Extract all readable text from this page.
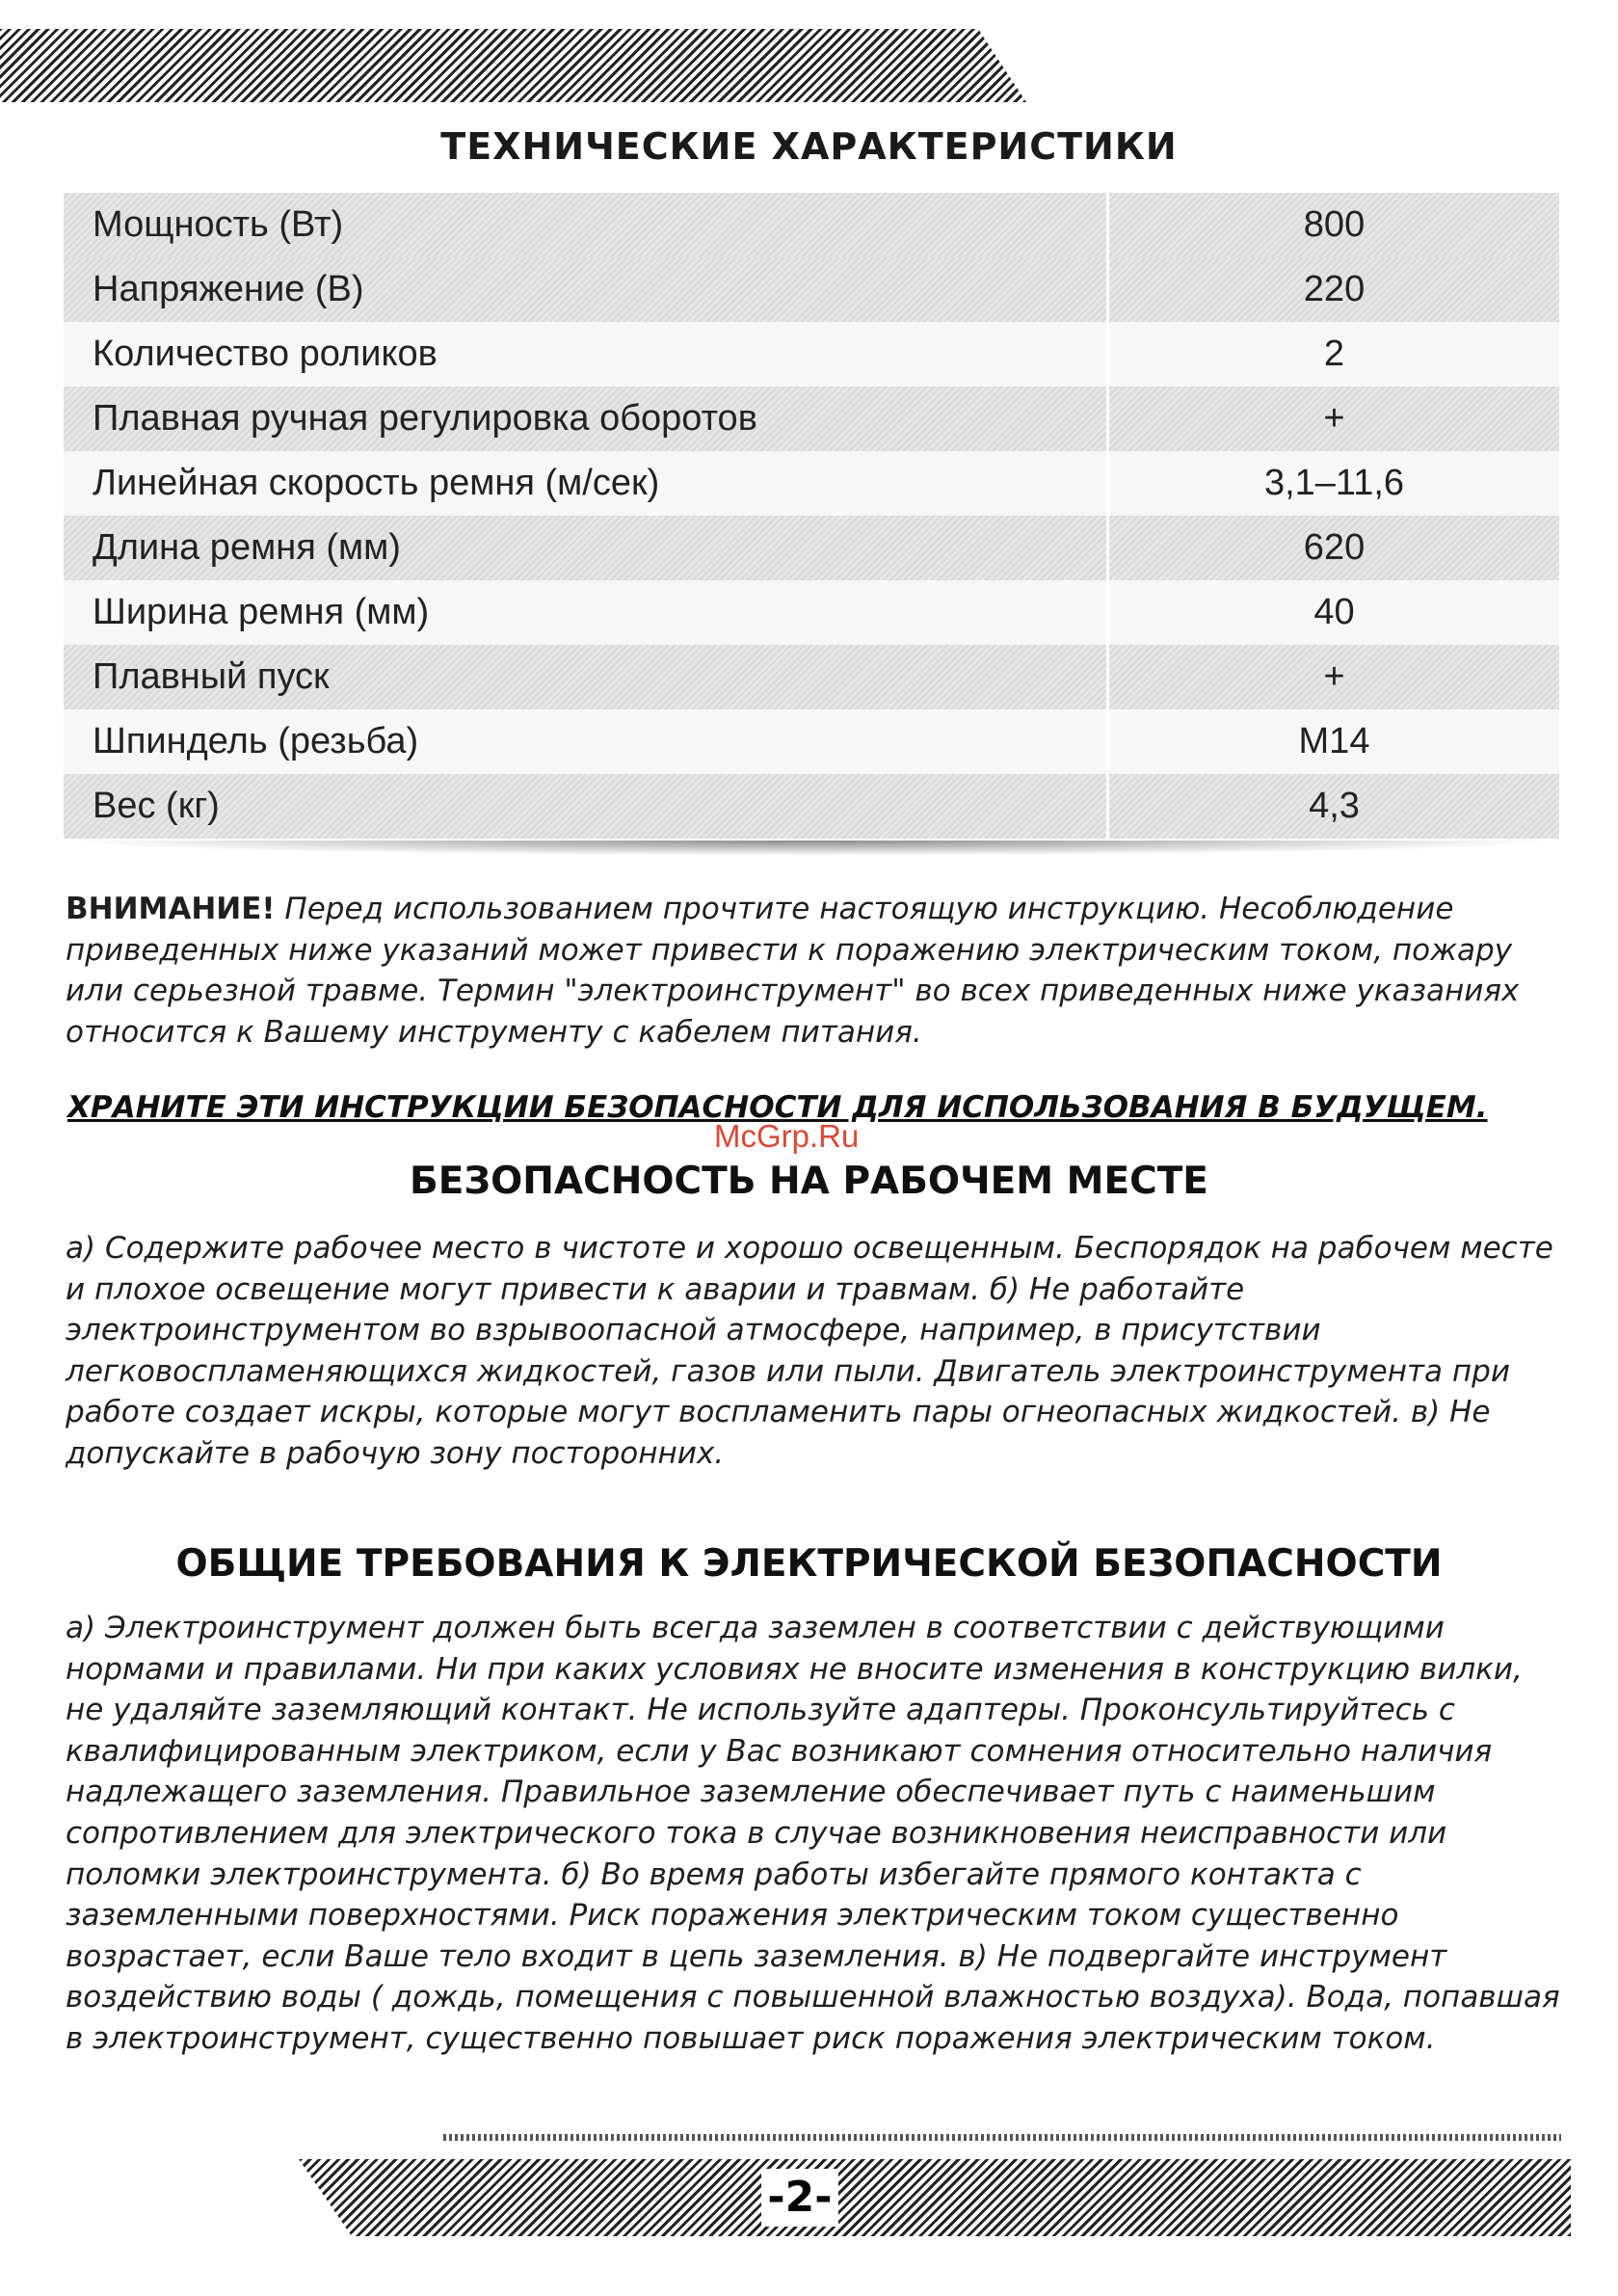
ТЕХНИЧЕСКИЕ ХАРАКТЕРИСТИКИ
Мощность (Вт)	800
Напряжение (В)	220
Количество роликов	2
Плавная ручная регулировка оборотов	+
Линейная скорость ремня (м/сек)	3,1–11,6
Длина ремня (мм)	620
Ширина ремня (мм)	40
Плавный пуск	+
Шпиндель (резьба)	М14
Вес (кг)	4,3

ВНИМАНИЕ! Перед использованием прочтите настоящую инструкцию. Несоблюдение приведенных ниже указаний может привести к поражению электрическим током, пожару или серьезной травме. Термин "электроинструмент" во всех приведенных ниже указаниях относится к Вашему инструменту с кабелем питания.

ХРАНИТЕ ЭТИ ИНСТРУКЦИИ БЕЗОПАСНОСТИ ДЛЯ ИСПОЛЬЗОВАНИЯ В БУДУЩЕМ.
McGrp.Ru
БЕЗОПАСНОСТЬ НА РАБОЧЕМ МЕСТЕ

а) Содержите рабочее место в чистоте и хорошо освещенным. Беспорядок на рабочем месте и плохое освещение могут привести к аварии и травмам. б) Не работайте электроинструментом во взрывоопасной атмосфере, например, в присутствии легковоспламеняющихся жидкостей, газов или пыли. Двигатель электроинструмента при работе создает искры, которые могут воспламенить пары огнеопасных жидкостей. в) Не допускайте в рабочую зону посторонних.

ОБЩИЕ ТРЕБОВАНИЯ К ЭЛЕКТРИЧЕСКОЙ БЕЗОПАСНОСТИ

а) Электроинструмент должен быть всегда заземлен в соответствии с действующими нормами и правилами. Ни при каких условиях не вносите изменения в конструкцию вилки, не удаляйте заземляющий контакт. Не используйте адаптеры. Проконсультируйтесь с квалифицированным электриком, если у Вас возникают сомнения относительно наличия надлежащего заземления. Правильное заземление обеспечивает путь с наименьшим сопротивлением для электрического тока в случае возникновения неисправности или поломки электроинструмента. б) Во время работы избегайте прямого контакта с заземленными поверхностями. Риск поражения электрическим током существенно возрастает, если Ваше тело входит в цепь заземления. в) Не подвергайте инструмент воздействию воды ( дождь, помещения с повышенной влажностью воздуха). Вода, попавшая в электроинструмент, существенно повышает риск поражения электрическим током.

-2-
